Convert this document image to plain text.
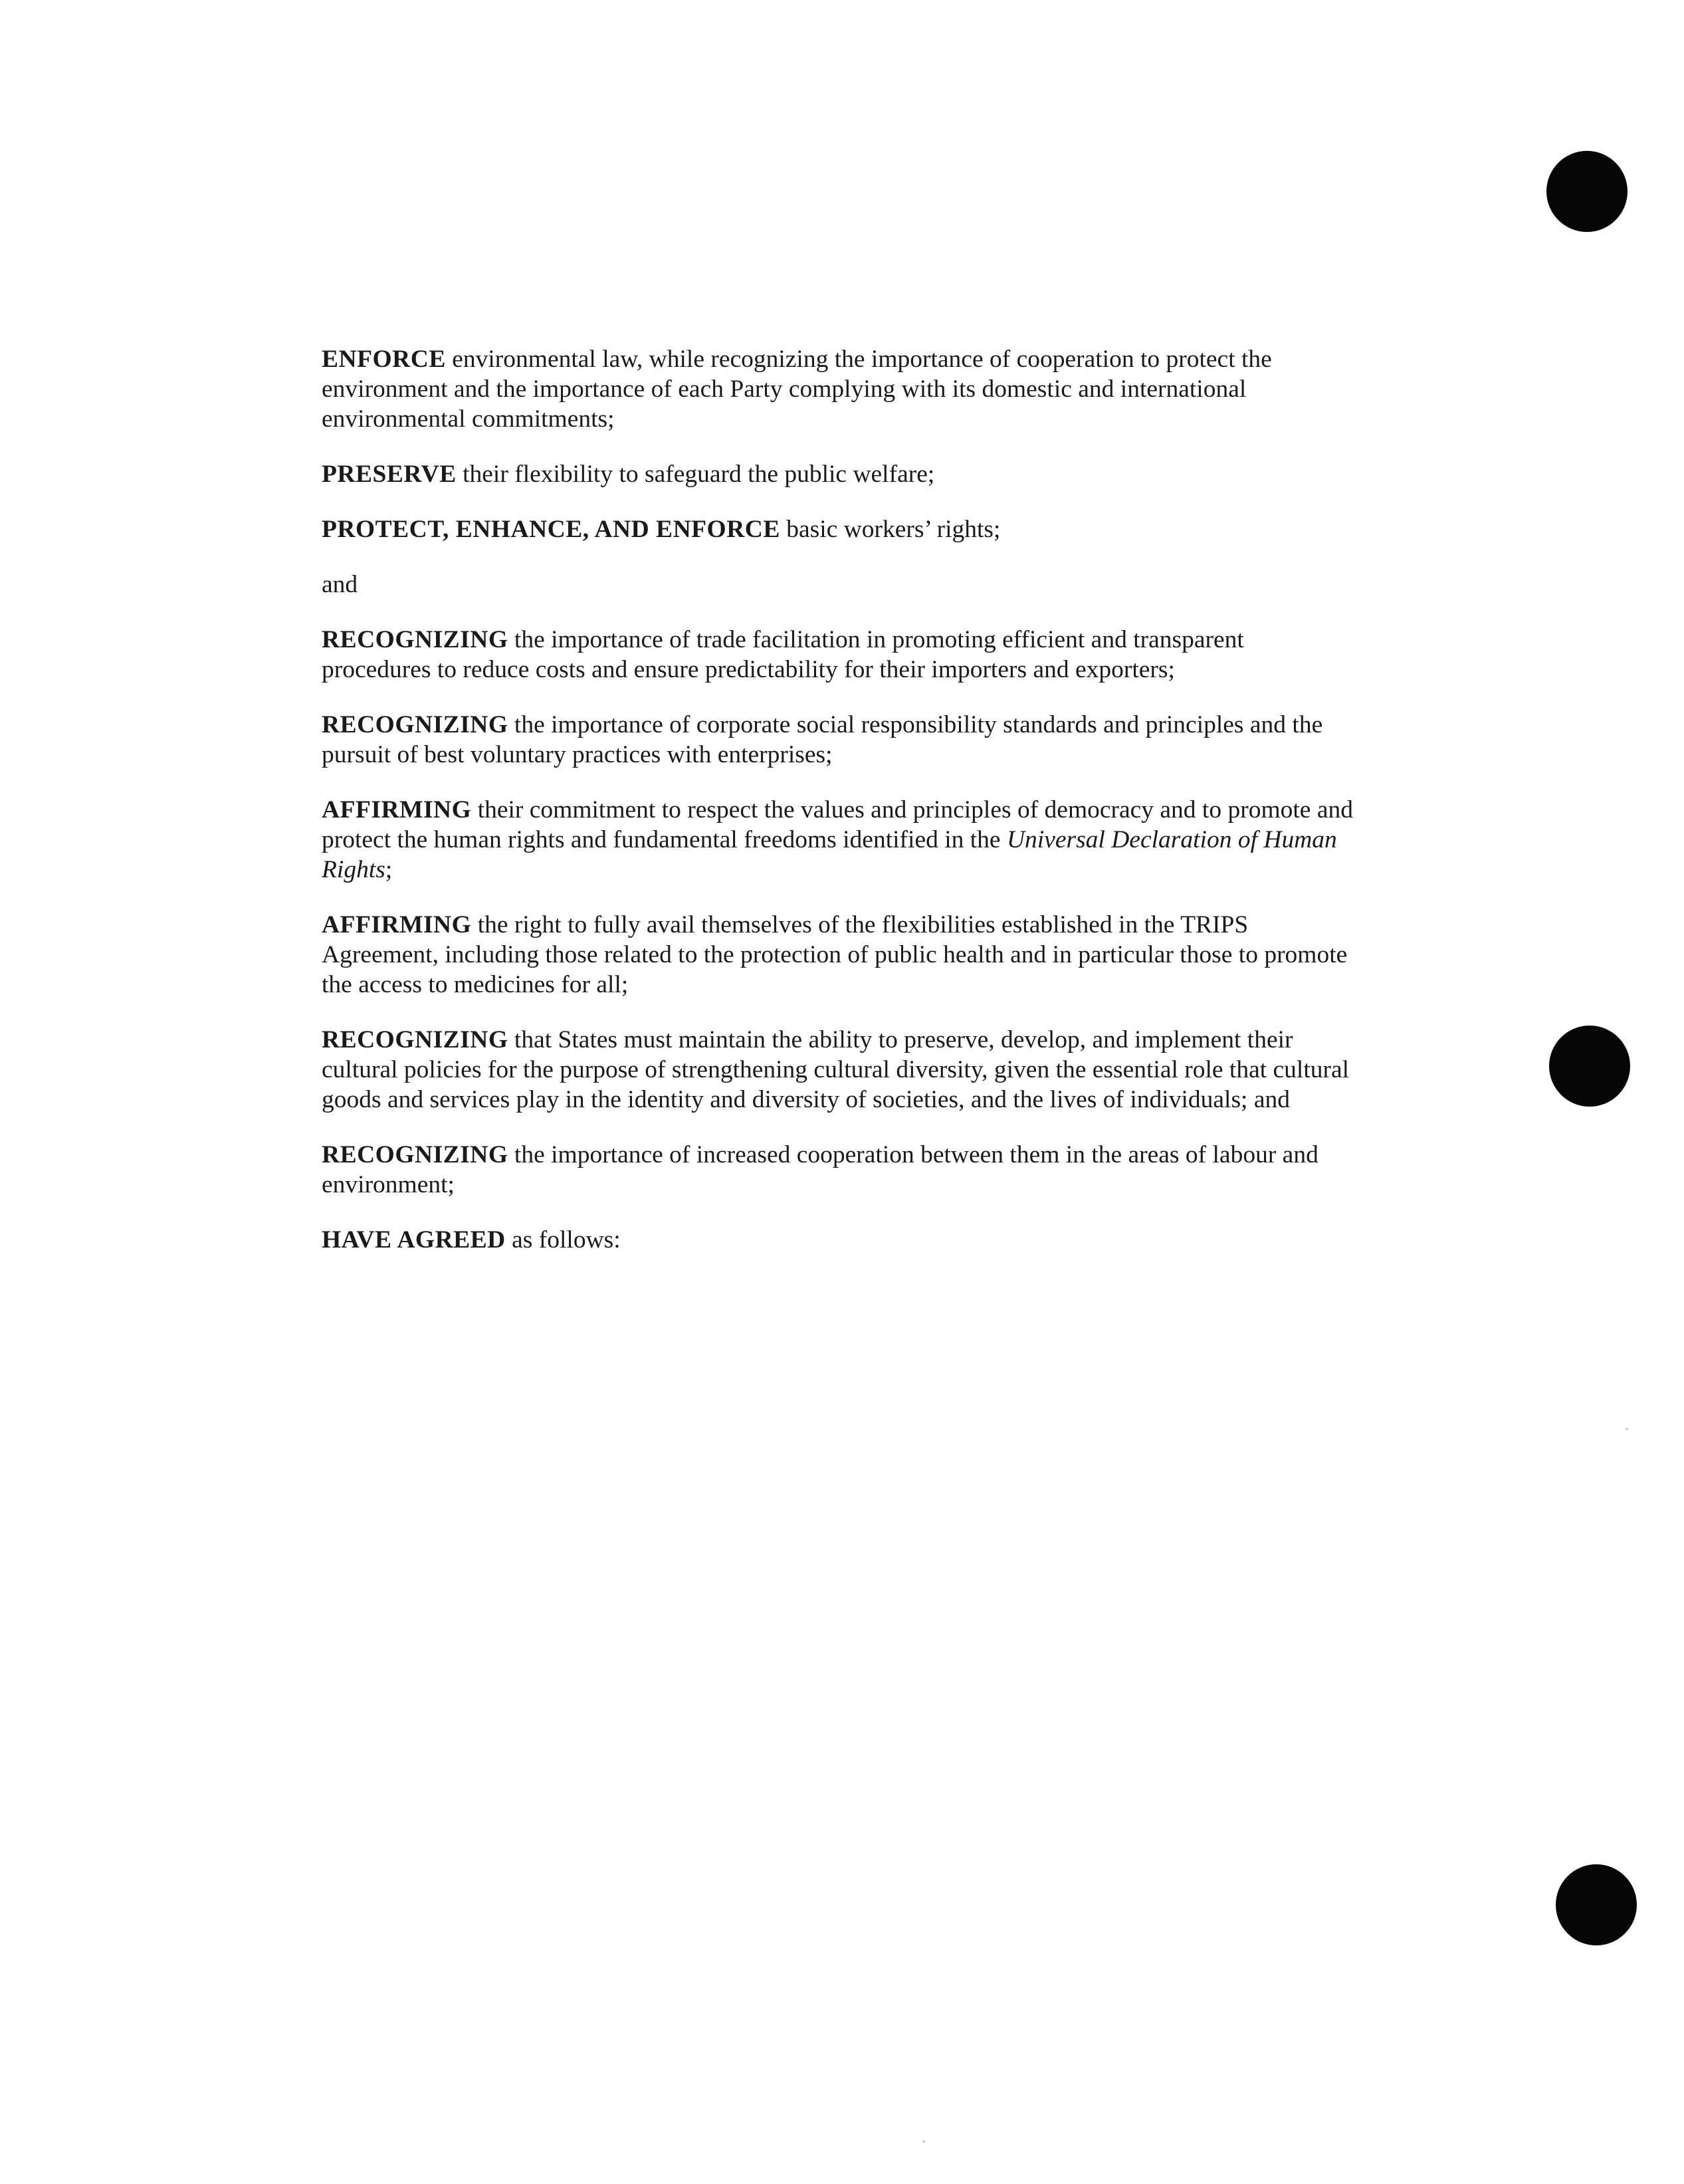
ENFORCE environmental law, while recognizing the importance of cooperation to protect the environment and the importance of each Party complying with its domestic and international environmental commitments;

PRESERVE their flexibility to safeguard the public welfare;

PROTECT, ENHANCE, AND ENFORCE basic workers’ rights;

and

RECOGNIZING the importance of trade facilitation in promoting efficient and transparent procedures to reduce costs and ensure predictability for their importers and exporters;

RECOGNIZING the importance of corporate social responsibility standards and principles and the pursuit of best voluntary practices with enterprises;

AFFIRMING their commitment to respect the values and principles of democracy and to promote and protect the human rights and fundamental freedoms identified in the Universal Declaration of Human Rights;

AFFIRMING the right to fully avail themselves of the flexibilities established in the TRIPS Agreement, including those related to the protection of public health and in particular those to promote the access to medicines for all;

RECOGNIZING that States must maintain the ability to preserve, develop, and implement their cultural policies for the purpose of strengthening cultural diversity, given the essential role that cultural goods and services play in the identity and diversity of societies, and the lives of individuals; and

RECOGNIZING the importance of increased cooperation between them in the areas of labour and environment;

HAVE AGREED as follows:
